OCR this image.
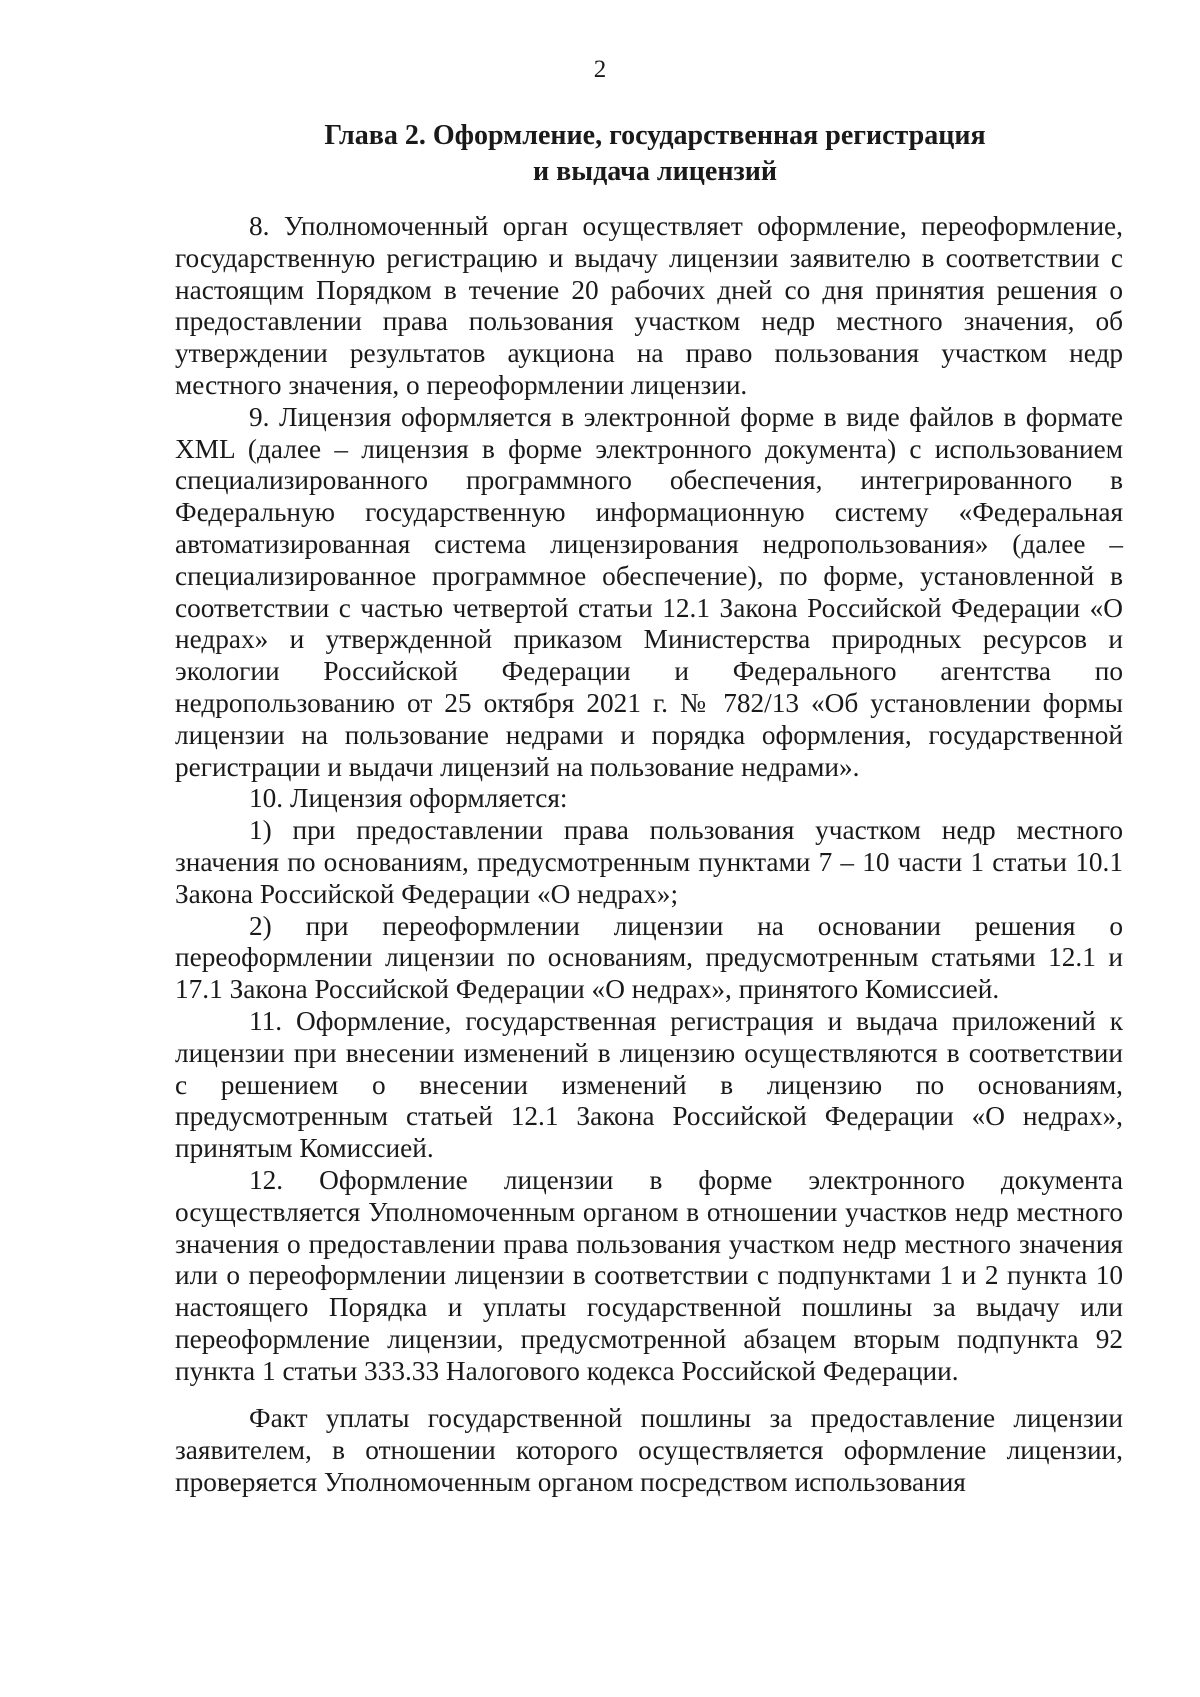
2
Глава 2. Оформление, государственная регистрация
и выдача лицензий

8. Уполномоченный орган осуществляет оформление, переоформление, государственную регистрацию и выдачу лицензии заявителю в соответствии с настоящим Порядком в течение 20 рабочих дней со дня принятия решения о предоставлении права пользования участком недр местного значения, об утверждении результатов аукциона на право пользования участком недр местного значения, о переоформлении лицензии.

9. Лицензия оформляется в электронной форме в виде файлов в формате XML (далее – лицензия в форме электронного документа) с использованием специализированного программного обеспечения, интегрированного в Федеральную государственную информационную систему «Федеральная автоматизированная система лицензирования недропользования» (далее – специализированное программное обеспечение), по форме, установленной в соответствии с частью четвертой статьи 12.1 Закона Российской Федерации «О недрах» и утвержденной приказом Министерства природных ресурсов и экологии Российской Федерации и Федерального агентства по недропользованию от 25 октября 2021 г. № 782/13 «Об установлении формы лицензии на пользование недрами и порядка оформления, государственной регистрации и выдачи лицензий на пользование недрами».

10. Лицензия оформляется:

1) при предоставлении права пользования участком недр местного значения по основаниям, предусмотренным пунктами 7 – 10 части 1 статьи 10.1 Закона Российской Федерации «О недрах»;

2) при переоформлении лицензии на основании решения о переоформлении лицензии по основаниям, предусмотренным статьями 12.1 и 17.1 Закона Российской Федерации «О недрах», принятого Комиссией.

11. Оформление, государственная регистрация и выдача приложений к лицензии при внесении изменений в лицензию осуществляются в соответствии с решением о внесении изменений в лицензию по основаниям, предусмотренным статьей 12.1 Закона Российской Федерации «О недрах», принятым Комиссией.

12. Оформление лицензии в форме электронного документа осуществляется Уполномоченным органом в отношении участков недр местного значения о предоставлении права пользования участком недр местного значения или о переоформлении лицензии в соответствии с подпунктами 1 и 2 пункта 10 настоящего Порядка и уплаты государственной пошлины за выдачу или переоформление лицензии, предусмотренной абзацем вторым подпункта 92 пункта 1 статьи 333.33 Налогового кодекса Российской Федерации.

Факт уплаты государственной пошлины за предоставление лицензии заявителем, в отношении которого осуществляется оформление лицензии, проверяется Уполномоченным органом посредством использования
